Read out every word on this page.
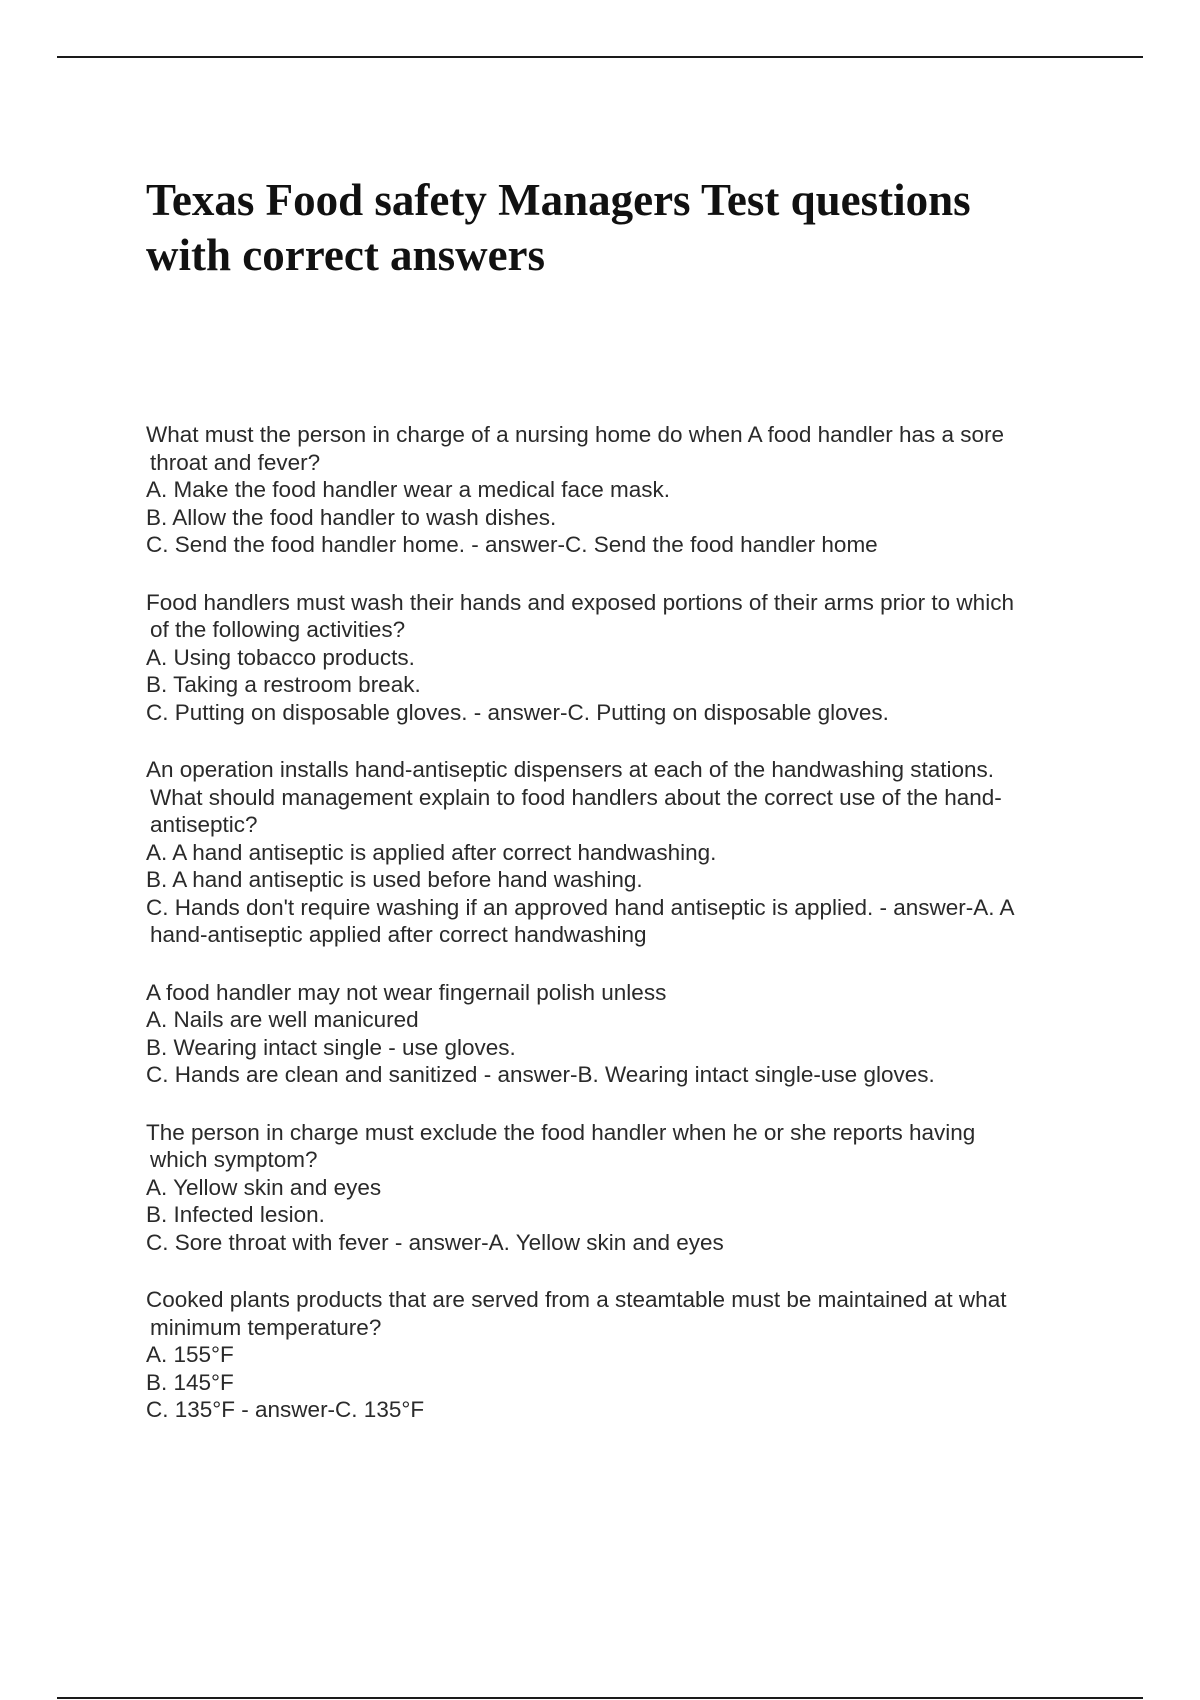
Texas Food safety Managers Test questions
with correct answers
What must the person in charge of a nursing home do when A food handler has a sore
throat and fever?
A. Make the food handler wear a medical face mask.
B. Allow the food handler to wash dishes.
C. Send the food handler home. - answer-C. Send the food handler home
Food handlers must wash their hands and exposed portions of their arms prior to which
of the following activities?
A. Using tobacco products.
B. Taking a restroom break.
C. Putting on disposable gloves. - answer-C. Putting on disposable gloves.
An operation installs hand-antiseptic dispensers at each of the handwashing stations.
What should management explain to food handlers about the correct use of the hand-
antiseptic?
A. A hand antiseptic is applied after correct handwashing.
B. A hand antiseptic is used before hand washing.
C. Hands don't require washing if an approved hand antiseptic is applied. - answer-A. A
hand-antiseptic applied after correct handwashing
A food handler may not wear fingernail polish unless
A. Nails are well manicured
B. Wearing intact single - use gloves.
C. Hands are clean and sanitized - answer-B. Wearing intact single-use gloves.
The person in charge must exclude the food handler when he or she reports having
which symptom?
A. Yellow skin and eyes
B. Infected lesion.
C. Sore throat with fever - answer-A. Yellow skin and eyes
Cooked plants products that are served from a steamtable must be maintained at what
minimum temperature?
A. 155°F
B. 145°F
C. 135°F - answer-C. 135°F
